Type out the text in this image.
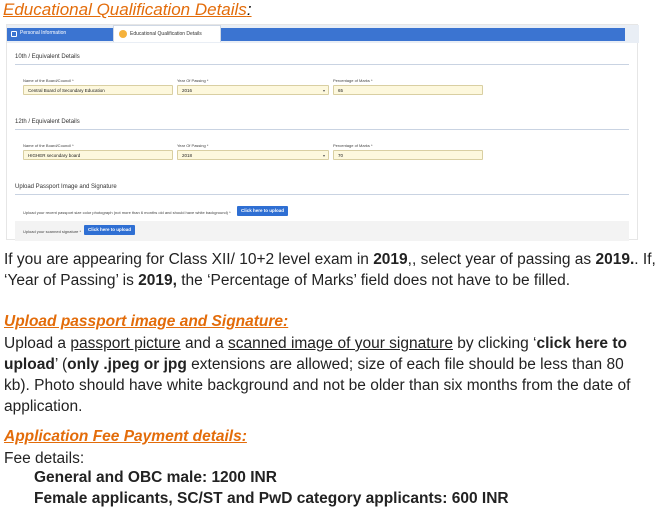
Educational Qualification Details:
Personal Information	Educational Qualification Details
10th / Equivalent Details
Name of the Board/Council *
Central Board of Secondary Education
Year Of Passing *
2016	▾
Percentage of Marks *
65
12th / Equivalent Details
Name of the Board/Council *
HIGHER secondary board
Year Of Passing *
2018	▾
Percentage of Marks *
70
Upload Passport Image and Signature
Upload your recent passport size color photograph (not more than 6 months old and should have white background) *	Click here to upload
Upload your scanned signature *	Click here to upload
If you are appearing for Class XII/ 10+2 level exam in 2019,, select year of passing as 2019.. If,
‘Year of Passing’ is 2019, the ‘Percentage of Marks’ field does not have to be filled.
Upload passport image and Signature:
Upload a passport picture and a scanned image of your signature by clicking ‘click here to
upload’ (only .jpeg or jpg extensions are allowed; size of each file should be less than 80
kb). Photo should have white background and not be older than six months from the date of
application.
Application Fee Payment details:
Fee details:
General and OBC male: 1200 INR
Female applicants, SC/ST and PwD category applicants: 600 INR
